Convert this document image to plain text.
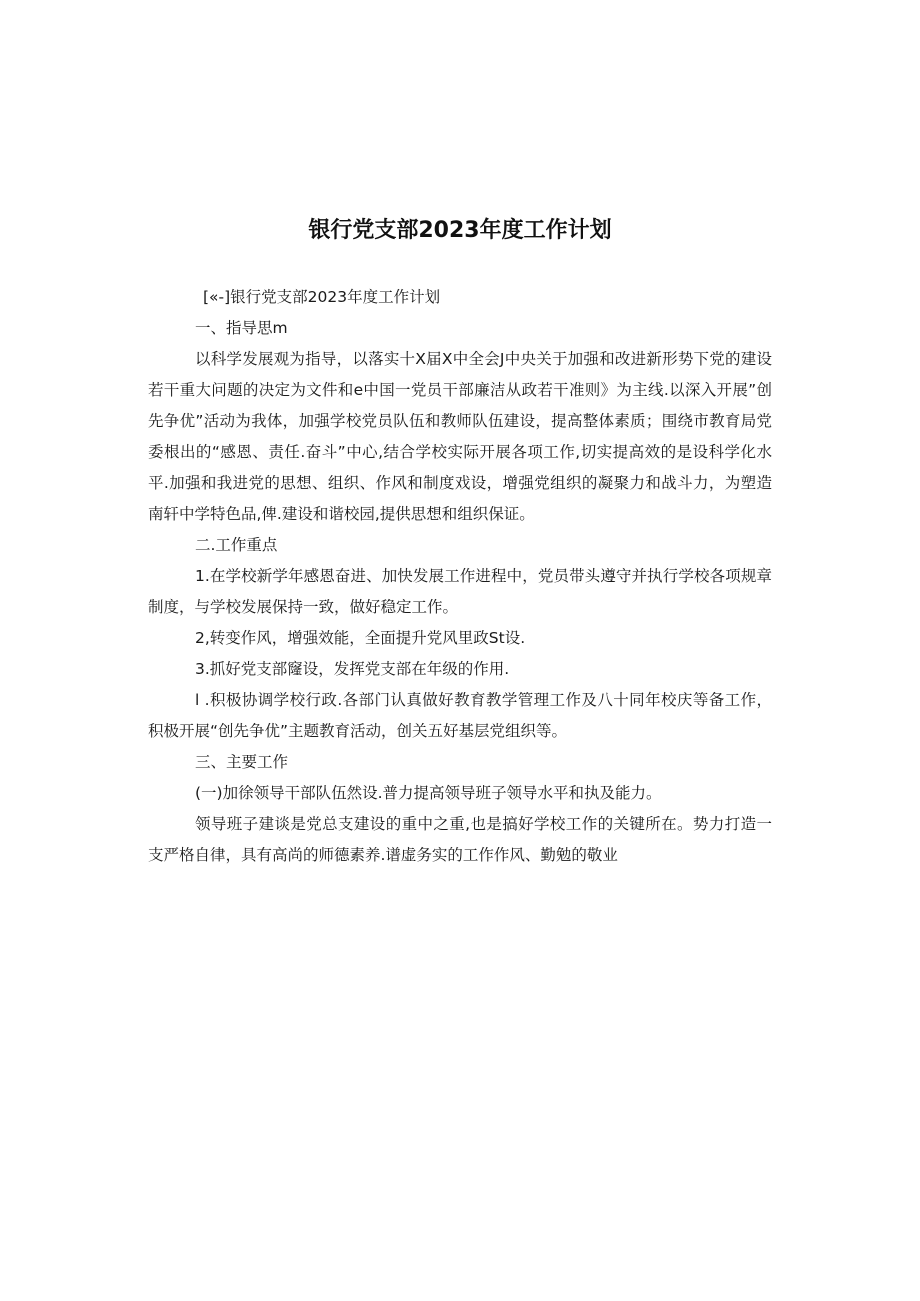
银行党支部2023年度工作计划

[«-]银行党支部2023年度工作计划

一、指导思m

以科学发展观为指导，以落实十X届X中全会J中央关于加强和改进新形势下党的建设若干重大问题的决定为文件和e中国一党员干部廉洁从政若干准则》为主线.以深入开展”创先争优”活动为我体，加强学校党员队伍和教师队伍建设，提高整体素质；围绕市教育局党委根出的“感恩、责任.奋斗”中心,结合学校实际开展各项工作,切实提高效的是设科学化水平.加强和我进党的思想、组织、作风和制度戏设，增强党组织的凝聚力和战斗力，为塑造南轩中学特色品,俾.建设和谐校园,提供思想和组织保证。

二.工作重点

1.在学校新学年感恩奋进、加快发展工作进程中，党员带头遵守并执行学校各项规章制度，与学校发展保持一致，做好稳定工作。

2,转变作风，增强效能，全面提升党风里政St设.

3.抓好党支部窿设，发挥党支部在年级的作用.

l .积极协调学校行政.各部门认真做好教育教学管理工作及八十同年校庆等备工作，积极开展“创先争优”主题教育活动，创关五好基层党组织等。

三、主要工作

(一)加徐领导干部队伍然设.普力提高领导班子领导水平和执及能力。

领导班子建谈是党总支建设的重中之重,也是搞好学校工作的关键所在。势力打造一支严格自律，具有高尚的师德素养.谱虚务实的工作作风、勤勉的敬业
